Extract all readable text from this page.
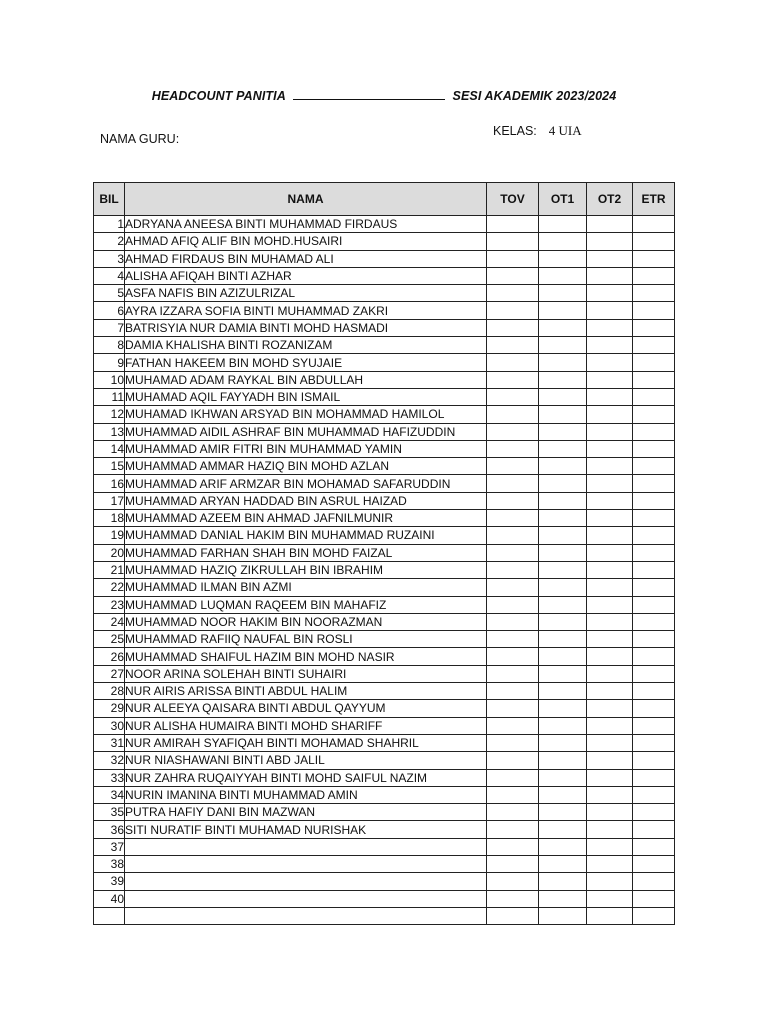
HEADCOUNT PANITIA	SESI AKADEMIK 2023/2024
NAMA GURU:
KELAS: 4 UIA
BIL	NAMA	TOV	OT1	OT2	ETR
1	ADRYANA ANEESA BINTI MUHAMMAD FIRDAUS				
2	AHMAD AFIQ ALIF BIN MOHD.HUSAIRI				
3	AHMAD FIRDAUS BIN MUHAMAD ALI				
4	ALISHA AFIQAH BINTI AZHAR				
5	ASFA NAFIS BIN AZIZULRIZAL				
6	AYRA IZZARA SOFIA BINTI MUHAMMAD ZAKRI				
7	BATRISYIA NUR DAMIA BINTI MOHD HASMADI				
8	DAMIA KHALISHA BINTI ROZANIZAM				
9	FATHAN HAKEEM BIN MOHD SYUJAIE				
10	MUHAMAD ADAM RAYKAL BIN ABDULLAH				
11	MUHAMAD AQIL FAYYADH BIN ISMAIL				
12	MUHAMAD IKHWAN ARSYAD BIN MOHAMMAD HAMILOL				
13	MUHAMMAD AIDIL ASHRAF BIN MUHAMMAD HAFIZUDDIN				
14	MUHAMMAD AMIR FITRI BIN MUHAMMAD YAMIN				
15	MUHAMMAD AMMAR HAZIQ BIN MOHD AZLAN				
16	MUHAMMAD ARIF ARMZAR BIN MOHAMAD SAFARUDDIN				
17	MUHAMMAD ARYAN HADDAD BIN ASRUL HAIZAD				
18	MUHAMMAD AZEEM BIN AHMAD JAFNILMUNIR				
19	MUHAMMAD DANIAL HAKIM BIN MUHAMMAD RUZAINI				
20	MUHAMMAD FARHAN SHAH BIN MOHD FAIZAL				
21	MUHAMMAD HAZIQ ZIKRULLAH BIN IBRAHIM				
22	MUHAMMAD ILMAN BIN AZMI				
23	MUHAMMAD LUQMAN RAQEEM BIN MAHAFIZ				
24	MUHAMMAD NOOR HAKIM BIN NOORAZMAN				
25	MUHAMMAD RAFIIQ NAUFAL BIN ROSLI				
26	MUHAMMAD SHAIFUL HAZIM BIN MOHD NASIR				
27	NOOR ARINA SOLEHAH BINTI SUHAIRI				
28	NUR AIRIS ARISSA BINTI ABDUL HALIM				
29	NUR ALEEYA QAISARA BINTI ABDUL QAYYUM				
30	NUR ALISHA HUMAIRA BINTI MOHD SHARIFF				
31	NUR AMIRAH SYAFIQAH BINTI MOHAMAD SHAHRIL				
32	NUR NIASHAWANI BINTI ABD JALIL				
33	NUR ZAHRA RUQAIYYAH BINTI MOHD SAIFUL NAZIM				
34	NURIN IMANINA BINTI MUHAMMAD AMIN				
35	PUTRA HAFIY DANI BIN MAZWAN				
36	SITI NURATIF BINTI MUHAMAD NURISHAK				
37					
38					
39					
40					
